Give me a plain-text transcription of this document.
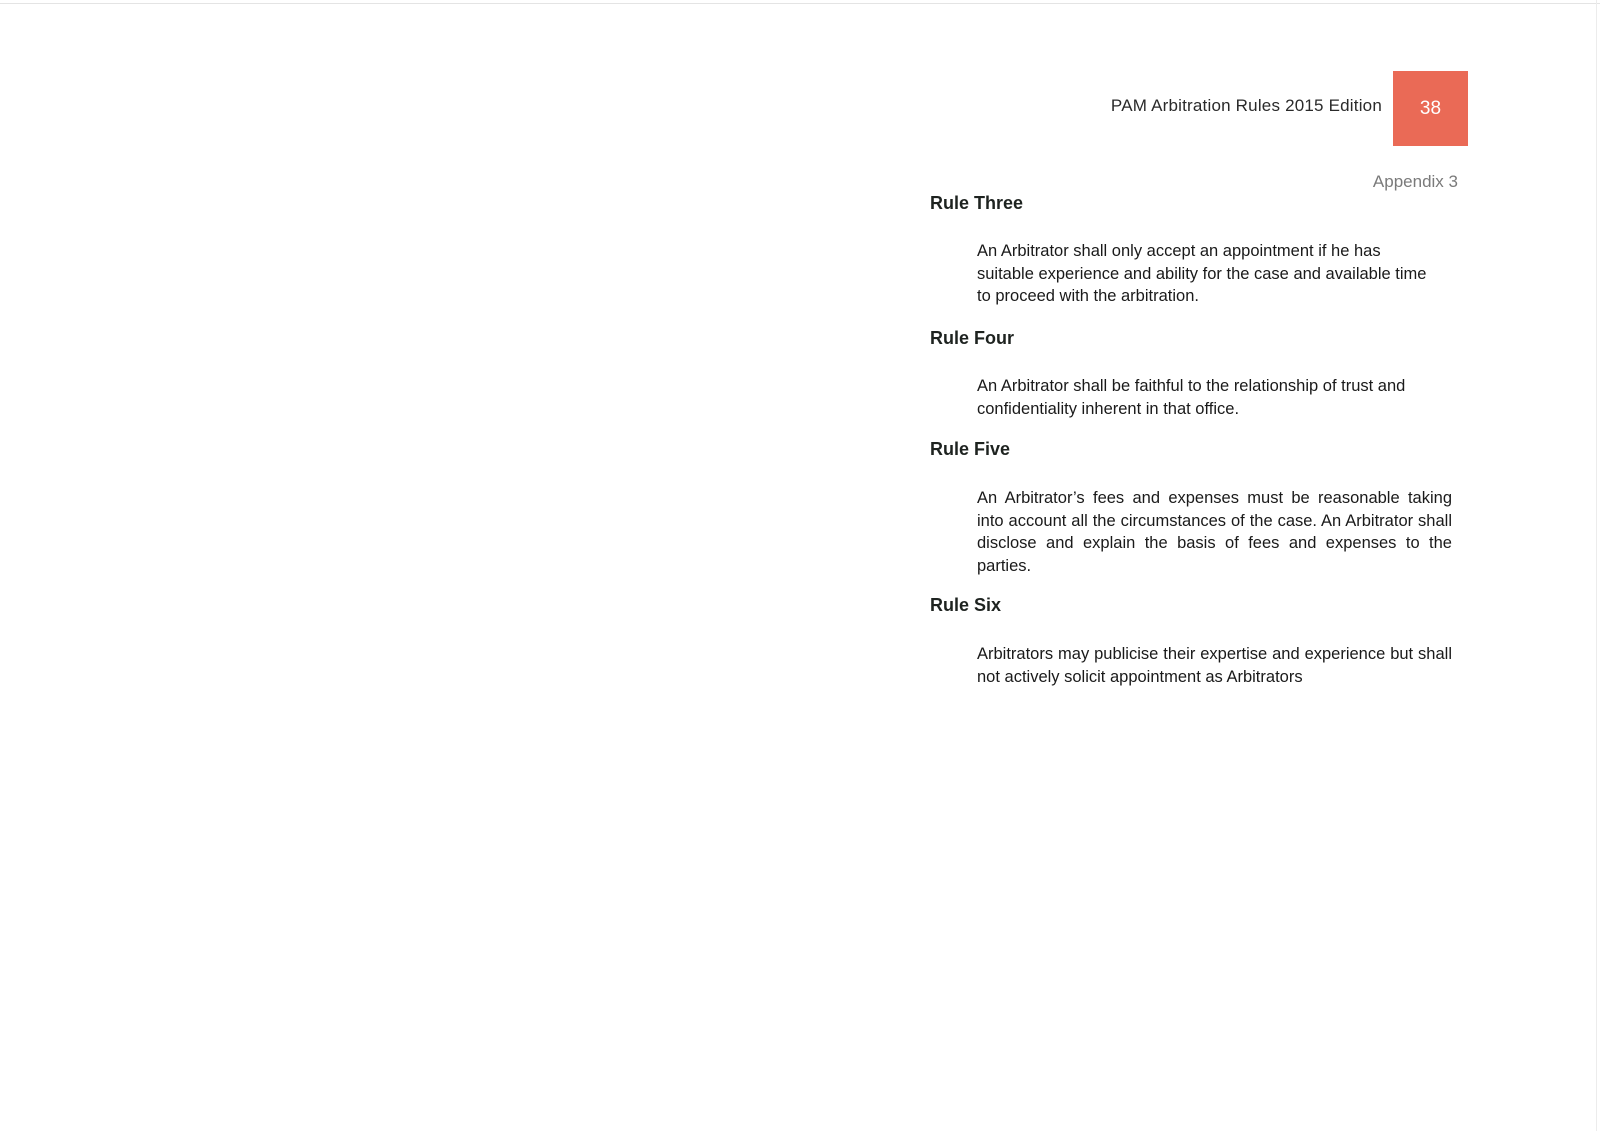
PAM Arbitration Rules 2015 Edition 38
Appendix 3
Rule Three

An Arbitrator shall only accept an appointment if he has suitable experience and ability for the case and available time to proceed with the arbitration.

Rule Four

An Arbitrator shall be faithful to the relationship of trust and confidentiality inherent in that office.

Rule Five

An Arbitrator’s fees and expenses must be reasonable taking into account all the circumstances of the case. An Arbitrator shall disclose and explain the basis of fees and expenses to the parties.

Rule Six

Arbitrators may publicise their expertise and experience but shall not actively solicit appointment as Arbitrators
